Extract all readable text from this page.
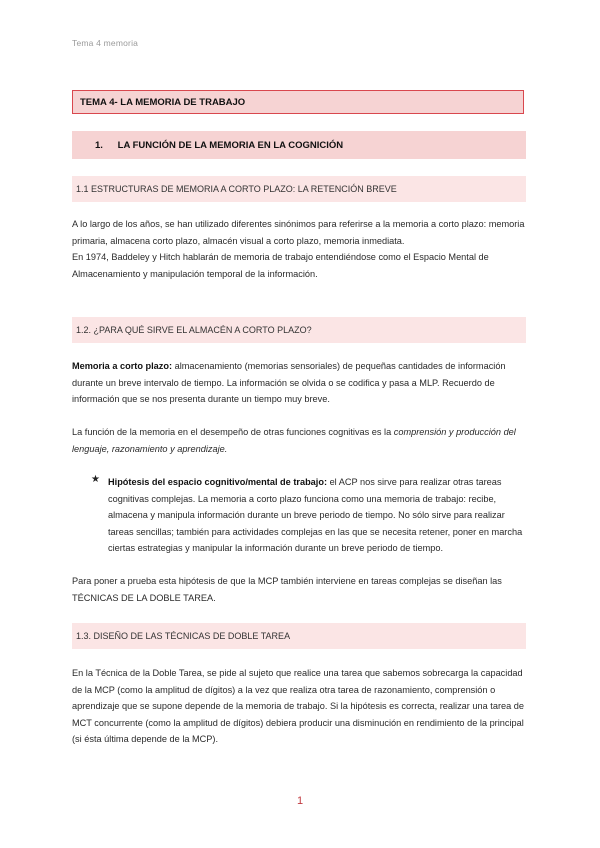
Tema 4 memoria
TEMA 4- LA MEMORIA DE TRABAJO
1. LA FUNCIÓN DE LA MEMORIA EN LA COGNICIÓN
1.1 ESTRUCTURAS DE MEMORIA A CORTO PLAZO: LA RETENCIÓN BREVE

A lo largo de los años, se han utilizado diferentes sinónimos para referirse a la memoria a corto plazo: memoria primaria, almacena corto plazo, almacén visual a corto plazo, memoria inmediata.

En 1974, Baddeley y Hitch hablarán de memoria de trabajo entendiéndose como el Espacio Mental de Almacenamiento y manipulación temporal de la información.

1.2. ¿PARA QUÉ SIRVE EL ALMACÉN A CORTO PLAZO?

Memoria a corto plazo: almacenamiento (memorias sensoriales) de pequeñas cantidades de información durante un breve intervalo de tiempo. La información se olvida o se codifica y pasa a MLP. Recuerdo de información que se nos presenta durante un tiempo muy breve.

La función de la memoria en el desempeño de otras funciones cognitivas es la comprensión y producción del lenguaje, razonamiento y aprendizaje.

★ Hipótesis del espacio cognitivo/mental de trabajo: el ACP nos sirve para realizar otras tareas cognitivas complejas. La memoria a corto plazo funciona como una memoria de trabajo: recibe, almacena y manipula información durante un breve periodo de tiempo. No sólo sirve para realizar tareas sencillas; también para actividades complejas en las que se necesita retener, poner en marcha ciertas estrategias y manipular la información durante un breve periodo de tiempo.
Para poner a prueba esta hipótesis de que la MCP también interviene en tareas complejas se diseñan las TÉCNICAS DE LA DOBLE TAREA.
1.3. DISEÑO DE LAS TÉCNICAS DE DOBLE TAREA
En la Técnica de la Doble Tarea, se pide al sujeto que realice una tarea que sabemos sobrecarga la capacidad de la MCP (como la amplitud de dígitos) a la vez que realiza otra tarea de razonamiento, comprensión o aprendizaje que se supone depende de la memoria de trabajo. Si la hipótesis es correcta, realizar una tarea de MCT concurrente (como la amplitud de dígitos) debiera producir una disminución en rendimiento de la principal (si ésta última depende de la MCP).
1
